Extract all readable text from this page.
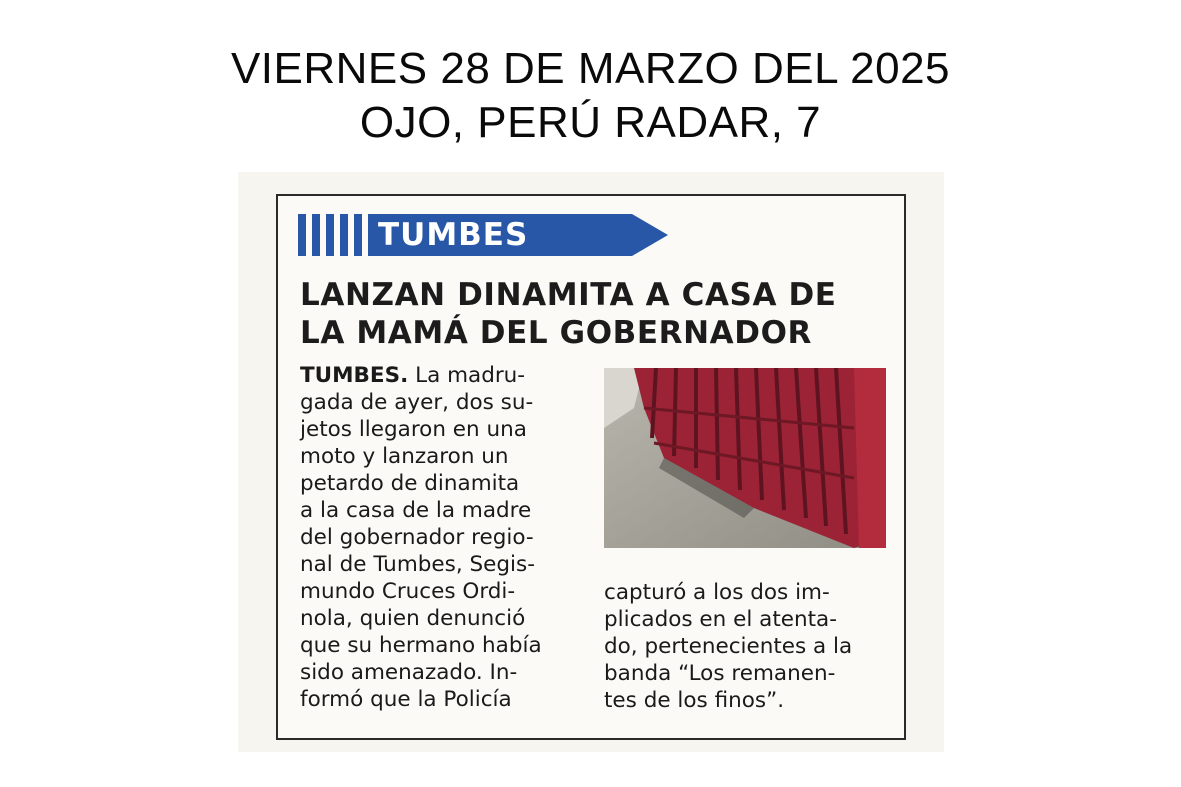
VIERNES 28 DE MARZO DEL 2025
OJO, PERÚ RADAR, 7
TUMBES
LANZAN DINAMITA A CASA DE
LA MAMÁ DEL GOBERNADOR
TUMBES. La madru-
gada de ayer, dos su-
jetos llegaron en una
moto y lanzaron un
petardo de dinamita
a la casa de la madre
del gobernador regio-
nal de Tumbes, Segis-
mundo Cruces Ordi-
nola, quien denunció
que su hermano había
sido amenazado. In-
formó que la Policía
capturó a los dos im-
plicados en el atenta-
do, pertenecientes a la
banda “Los remanen-
tes de los finos”.
